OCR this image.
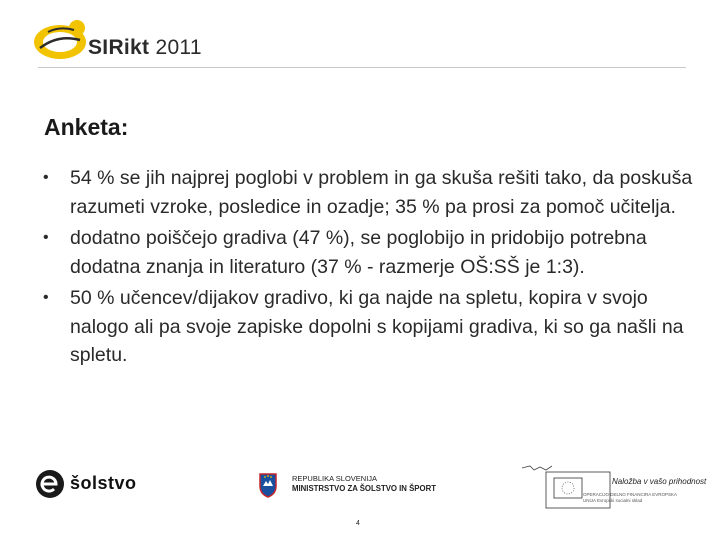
SIRikt 2011
Anketa:
• 54 % se jih najprej poglobi v problem in ga skuša rešiti tako, da poskuša razumeti vzroke, posledice in ozadje; 35 % pa prosi za pomoč učitelja.
• dodatno poiščejo gradiva (47 %), se poglobijo in pridobijo potrebna dodatna znanja in literaturo (37 % - razmerje OŠ:SŠ je 1:3).
• 50 % učencev/dijakov gradivo, ki ga najde na spletu, kopira v svojo nalogo ali pa svoje zapiske dopolni s kopijami gradiva, ki so ga našli na spletu.
šolstvo	REPUBLIKA SLOVENIJA
MINISTRSTVO ZA ŠOLSTVO IN ŠPORT
Naložba v vašo prihodnost
OPERACIJO DELNO FINANCIRA EVROPSKA UNIJA Evropski socialni sklad
4
